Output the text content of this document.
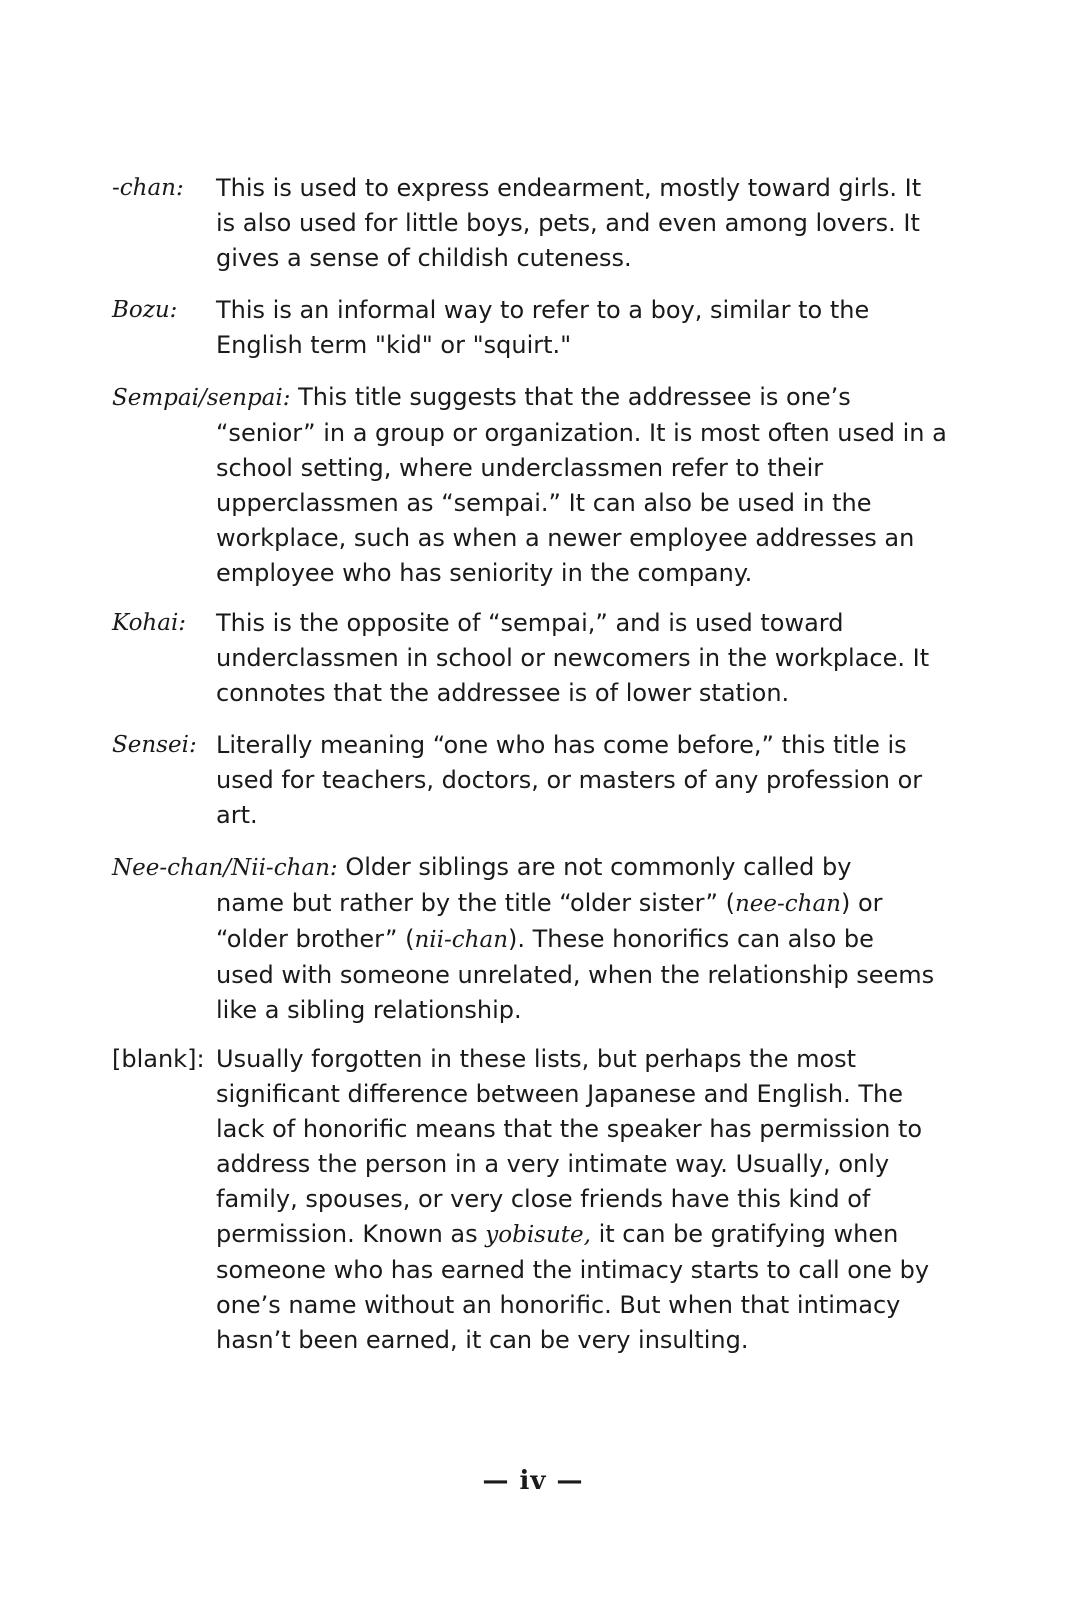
-chan:	This is used to express endearment, mostly toward girls. It
is also used for little boys, pets, and even among lovers. It
gives a sense of childish cuteness.
Bozu:	This is an informal way to refer to a boy, similar to the
English term "kid" or "squirt."
Sempai/senpai: This title suggests that the addressee is one’s
“senior” in a group or organization. It is most often used in a
school setting, where underclassmen refer to their
upperclassmen as “sempai.” It can also be used in the
workplace, such as when a newer employee addresses an
employee who has seniority in the company.
Kohai:	This is the opposite of “sempai,” and is used toward
underclassmen in school or newcomers in the workplace. It
connotes that the addressee is of lower station.
Sensei: Literally meaning “one who has come before,” this title is
used for teachers, doctors, or masters of any profession or
art.
Nee-chan/Nii-chan: Older siblings are not commonly called by
name but rather by the title “older sister” (nee-chan) or
“older brother” (nii-chan). These honorifics can also be
used with someone unrelated, when the relationship seems
like a sibling relationship.
[blank]: Usually forgotten in these lists, but perhaps the most
significant difference between Japanese and English. The
lack of honorific means that the speaker has permission to
address the person in a very intimate way. Usually, only
family, spouses, or very close friends have this kind of
permission. Known as yobisute, it can be gratifying when
someone who has earned the intimacy starts to call one by
one’s name without an honorific. But when that intimacy
hasn’t been earned, it can be very insulting.
— iv —
